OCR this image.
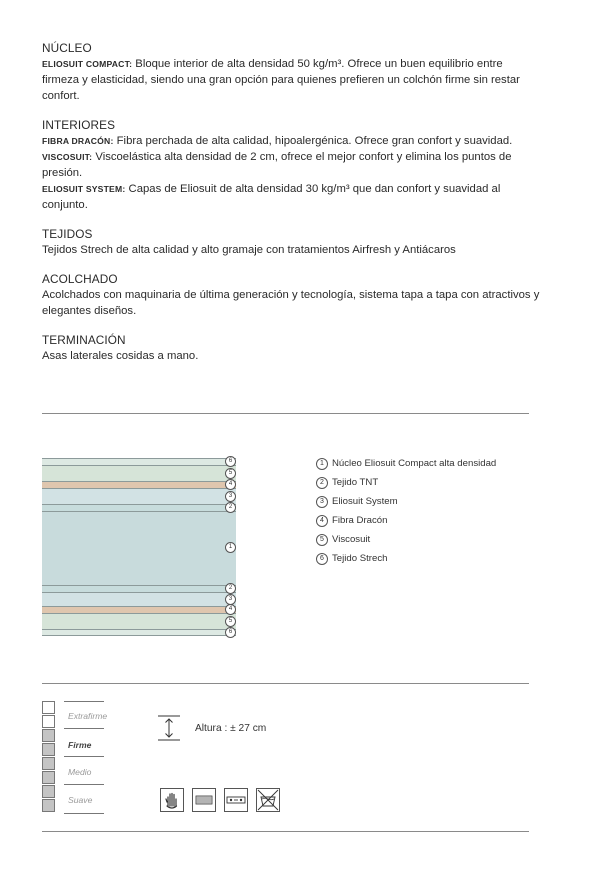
NÚCLEO
ELIOSUIT COMPACT: Bloque interior de alta densidad 50 kg/m³. Ofrece un buen equilibrio entre firmeza y elasticidad, siendo una gran opción para quienes prefieren un colchón firme sin restar confort.
INTERIORES
FIBRA DRACÓN: Fibra perchada de alta calidad, hipoalergénica. Ofrece gran confort y suavidad.
VISCOSUIT: Viscoelástica alta densidad de 2 cm, ofrece el mejor confort y elimina los puntos de presión.
ELIOSUIT SYSTEM: Capas de Eliosuit de alta densidad 30 kg/m³ que dan confort y suavidad al conjunto.
TEJIDOS
Tejidos Strech de alta calidad y alto gramaje con tratamientos Airfresh y Antiácaros
ACOLCHADO
Acolchados con maquinaria de última generación y tecnología, sistema tapa a tapa con atractivos y elegantes diseños.
TERMINACIÓN
Asas laterales cosidas a mano.
6
5
4
3
2
1
2
3
4
5
6
1 Núcleo Eliosuit Compact alta densidad
2 Tejido TNT
3 Eliosuit System
4 Fibra Dracón
5 Viscosuit
6 Tejido Strech
Extrafirme
Firme
Medio
Suave
Altura : ± 27 cm
